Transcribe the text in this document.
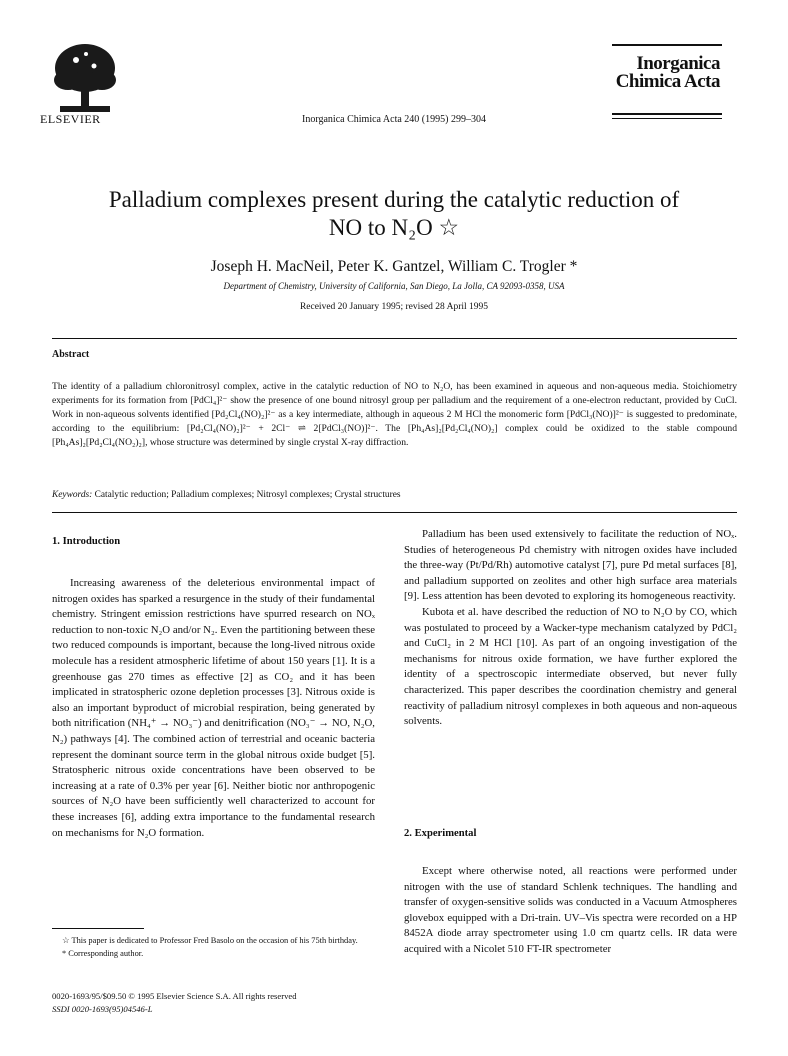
ELSEVIER	Inorganica Chimica Acta 240 (1995) 299–304
Inorganica
Chimica Acta
Palladium complexes present during the catalytic reduction of
NO to N₂O ☆
Joseph H. MacNeil, Peter K. Gantzel, William C. Trogler *
Department of Chemistry, University of California, San Diego, La Jolla, CA 92093-0358, USA
Received 20 January 1995; revised 28 April 1995
Abstract
The identity of a palladium chloronitrosyl complex, active in the catalytic reduction of NO to N₂O, has been examined in aqueous and non-aqueous media. Stoichiometry experiments for its formation from [PdCl₄]²⁻ show the presence of one bound nitrosyl group per palladium and the requirement of a one-electron reductant, provided by CuCl. Work in non-aqueous solvents identified [Pd₂Cl₄(NO)₂]²⁻ as a key intermediate, although in aqueous 2 M HCl the monomeric form [PdCl₃(NO)]²⁻ is suggested to predominate, according to the equilibrium: [Pd₂Cl₄(NO)₂]²⁻ + 2Cl⁻ ⇌ 2[PdCl₃(NO)]²⁻. The [Ph₄As]₂[Pd₂Cl₄(NO)₂] complex could be oxidized to the stable compound [Ph₄As]₂[Pd₂Cl₄(NO₂)₂], whose structure was determined by single crystal X-ray diffraction.
Keywords: Catalytic reduction; Palladium complexes; Nitrosyl complexes; Crystal structures
1. Introduction

Increasing awareness of the deleterious environmental impact of nitrogen oxides has sparked a resurgence in the study of their fundamental chemistry. Stringent emission restrictions have spurred research on NOₓ reduction to non-toxic N₂O and/or N₂. Even the partitioning between these two reduced compounds is important, because the long-lived nitrous oxide molecule has a resident atmospheric lifetime of about 150 years [1]. It is a greenhouse gas 270 times as effective [2] as CO₂ and it has been implicated in stratospheric ozone depletion processes [3]. Nitrous oxide is also an important byproduct of microbial respiration, being generated by both nitrification (NH₄⁺ → NO₃⁻) and denitrification (NO₃⁻ → NO, N₂O, N₂) pathways [4]. The combined action of terrestrial and oceanic bacteria represent the dominant source term in the global nitrous oxide budget [5]. Stratospheric nitrous oxide concentrations have been observed to be increasing at a rate of 0.3% per year [6]. Neither biotic nor anthropogenic sources of N₂O have been sufficiently well characterized to account for these increases [6], adding extra importance to the fundamental research on mechanisms for N₂O formation.

☆ This paper is dedicated to Professor Fred Basolo on the occasion of his 75th birthday.
* Corresponding author.
0020-1693/95/$09.50 © 1995 Elsevier Science S.A. All rights reserved
SSDI 0020-1693(95)04546-L

Palladium has been used extensively to facilitate the reduction of NOₓ. Studies of heterogeneous Pd chemistry with nitrogen oxides have included the three-way (Pt/Pd/Rh) automotive catalyst [7], pure Pd metal surfaces [8], and palladium supported on zeolites and other high surface area materials [9]. Less attention has been devoted to exploring its homogeneous reactivity.

Kubota et al. have described the reduction of NO to N₂O by CO, which was postulated to proceed by a Wacker-type mechanism catalyzed by PdCl₂ and CuCl₂ in 2 M HCl [10]. As part of an ongoing investigation of the mechanisms for nitrous oxide formation, we have further explored the identity of a spectroscopic intermediate observed, but never fully characterized. This paper describes the coordination chemistry and general reactivity of palladium nitrosyl complexes in both aqueous and non-aqueous solvents.

2. Experimental

Except where otherwise noted, all reactions were performed under nitrogen with the use of standard Schlenk techniques. The handling and transfer of oxygen-sensitive solids was conducted in a Vacuum Atmospheres glovebox equipped with a Dri-train. UV–Vis spectra were recorded on a HP 8452A diode array spectrometer using 1.0 cm quartz cells. IR data were acquired with a Nicolet 510 FT-IR spectrometer
